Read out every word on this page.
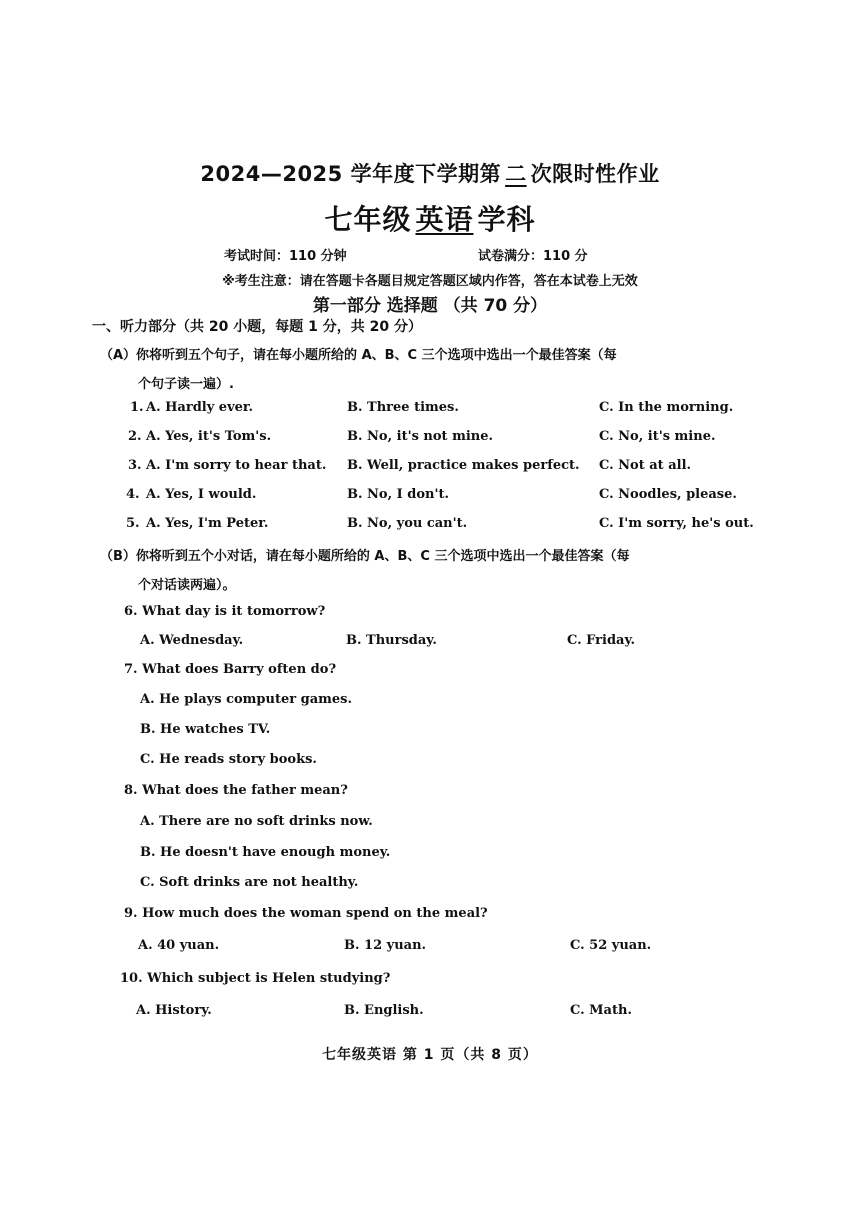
2024—2025 学年度下学期第 二 次限时性作业
七年级 英语 学科
考试时间：110 分钟	试卷满分：110 分
※考生注意：请在答题卡各题目规定答题区域内作答，答在本试卷上无效
第一部分 选择题 （共 70 分）
一、听力部分（共 20 小题，每题 1 分，共 20 分）
（A）你将听到五个句子，请在每小题所给的 A、B、C 三个选项中选出一个最佳答案（每
个句子读一遍）.
1. A. Hardly ever.	B. Three times.	C. In the morning.
2. A. Yes, it's Tom's.	B. No, it's not mine.	C. No, it's mine.
3. A. I'm sorry to hear that. B. Well, practice makes perfect. C. Not at all.
4. A. Yes, I would.	B. No, I don't.	C. Noodles, please.
5. A. Yes, I'm Peter.	B. No, you can't.	C. I'm sorry, he's out.
（B）你将听到五个小对话，请在每小题所给的 A、B、C 三个选项中选出一个最佳答案（每
个对话读两遍）。
6. What day is it tomorrow?
A. Wednesday.	B. Thursday.	C. Friday.
7. What does Barry often do?
A. He plays computer games.
B. He watches TV.
C. He reads story books.
8. What does the father mean?
A. There are no soft drinks now.
B. He doesn't have enough money.
C. Soft drinks are not healthy.
9. How much does the woman spend on the meal?
A. 40 yuan.	B. 12 yuan.	C. 52 yuan.
10. Which subject is Helen studying?
A. History.	B. English.	C. Math.
七年级英语 第 1 页（共 8 页）
